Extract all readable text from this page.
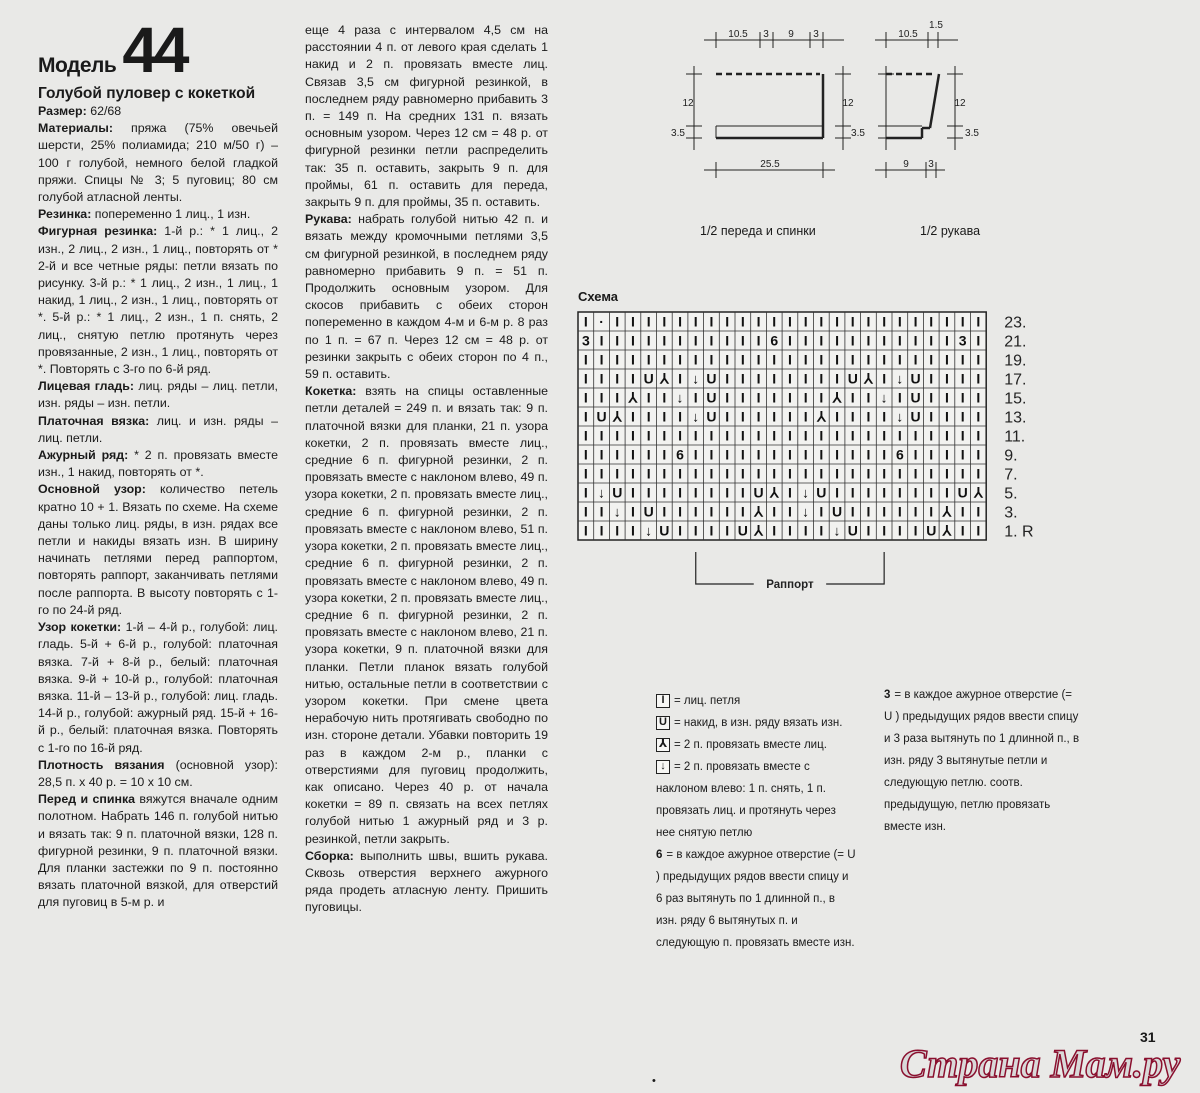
Модель 44
Голубой пуловер с кокеткой
Размер: 62/68
Материалы: пряжа (75% овечьей шерсти, 25% полиамида; 210 м/50 г) – 100 г голубой, немного белой гладкой пряжи. Спицы № 3; 5 пуговиц; 80 см голубой атласной ленты.
Резинка: попеременно 1 лиц., 1 изн.
Фигурная резинка: 1-й р.: * 1 лиц., 2 изн., 2 лиц., 2 изн., 1 лиц., повторять от * 2-й и все четные ряды: петли вязать по рисунку. 3-й р.: * 1 лиц., 2 изн., 1 лиц., 1 накид, 1 лиц., 2 изн., 1 лиц., повторять от *. 5-й р.: * 1 лиц., 2 изн., 1 п. снять, 2 лиц., снятую петлю протянуть через провязанные, 2 изн., 1 лиц., повторять от *. Повторять с 3-го по 6-й ряд.
Лицевая гладь: лиц. ряды – лиц. петли, изн. ряды – изн. петли.
Платочная вязка: лиц. и изн. ряды – лиц. петли.
Ажурный ряд: * 2 п. провязать вместе изн., 1 накид, повторять от *.
Основной узор: количество петель кратно 10 + 1. Вязать по схеме. На схеме даны только лиц. ряды, в изн. рядах все петли и накиды вязать изн. В ширину начинать петлями перед раппортом, повторять раппорт, заканчивать петлями после раппорта. В высоту повторять с 1-го по 24-й ряд.
Узор кокетки: 1-й – 4-й р., голубой: лиц. гладь. 5-й + 6-й р., голубой: платочная вязка. 7-й + 8-й р., белый: платочная вязка. 9-й + 10-й р., голубой: платочная вязка. 11-й – 13-й р., голубой: лиц. гладь. 14-й р., голубой: ажурный ряд. 15-й + 16-й р., белый: платочная вязка. Повторять с 1-го по 16-й ряд.
Плотность вязания (основной узор): 28,5 п. х 40 р. = 10 х 10 см.
Перед и спинка вяжутся вначале одним полотном. Набрать 146 п. голубой нитью и вязать так: 9 п. платочной вязки, 128 п. фигурной резинки, 9 п. платочной вязки. Для планки застежки по 9 п. постоянно вязать платочной вязкой, для отверстий для пуговиц в 5-м р. и
еще 4 раза с интервалом 4,5 см на расстоянии 4 п. от левого края сделать 1 накид и 2 п. провязать вместе лиц. Связав 3,5 см фигурной резинкой, в последнем ряду равномерно прибавить 3 п. = 149 п. На средних 131 п. вязать основным узором. Через 12 см = 48 р. от фигурной резинки петли распределить так: 35 п. оставить, закрыть 9 п. для проймы, 61 п. оставить для переда, закрыть 9 п. для проймы, 35 п. оставить.
Рукава: набрать голубой нитью 42 п. и вязать между кромочными петлями 3,5 см фигурной резинкой, в последнем ряду равномерно прибавить 9 п. = 51 п. Продолжить основным узором. Для скосов прибавить с обеих сторон попеременно в каждом 4-м и 6-м р. 8 раз по 1 п. = 67 п. Через 12 см = 48 р. от резинки закрыть с обеих сторон по 4 п., 59 п. оставить.
Кокетка: взять на спицы оставленные петли деталей = 249 п. и вязать так: 9 п. платочной вязки для планки, 21 п. узора кокетки, 2 п. провязать вместе лиц., средние 6 п. фигурной резинки, 2 п. провязать вместе с наклоном влево, 49 п. узора кокетки, 2 п. провязать вместе лиц., средние 6 п. фигурной резинки, 2 п. провязать вместе с наклоном влево, 51 п. узора кокетки, 2 п. провязать вместе лиц., средние 6 п. фигурной резинки, 2 п. провязать вместе с наклоном влево, 49 п. узора кокетки, 2 п. провязать вместе лиц., средние 6 п. фигурной резинки, 2 п. провязать вместе с наклоном влево, 21 п. узора кокетки, 9 п. платочной вязки для планки. Петли планок вязать голубой нитью, остальные петли в соответствии с узором кокетки. При смене цвета нерабочую нить протягивать свободно по изн. стороне детали. Убавки повторить 19 раз в каждом 2-м р., планки с отверстиями для пуговиц продолжить, как описано. Через 40 р. от начала кокетки = 89 п. связать на всех петлях голубой нитью 1 ажурный ряд и 3 р. резинкой, петли закрыть.
Сборка: выполнить швы, вшить рукава. Сквозь отверстия верхнего ажурного ряда продеть атласную ленту. Пришить пуговицы.
10.5 3 9 3
12
3.5
12
3.5
25.5
10.5
1.5
12
3.5
9 3
1/2 переда и спинки	1/2 рукава
Схема
I · I I I I I I I I I I I I I I I I I I I I I I I I
3 I I I I I I I I I I I 6 I I I I I I I I I I I 3 I
I I I I I I I I I I I I I I I I I I I I I I I I I I
I I I I U ⅄ I ↓ U I I I I I I I I U ⅄ I ↓ U I I I I
I I I ⅄ I I ↓ I U I I I I I I I ⅄ I I ↓ I U I I I I
I U ⅄ I I I I ↓ U I I I I I I ⅄ I I I I ↓ U I I I I
I I I I I I I I I I I I I I I I I I I I I I I I I I
I I I I I I 6 I I I I I I I I I I I I I 6 I I I I I
I I I I I I I I I I I I I I I I I I I I I I I I I I
I ↓ U I I I I I I I I U ⅄ I ↓ U I I I I I I I I U ⅄
I I ↓ I U I I I I I I ⅄ I I ↓ I U I I I I I I ⅄ I I
I I I I ↓ U I I I I U ⅄ I I I I ↓ U I I I I U ⅄ I I
23.
21.
19.
17.
15.
13.
11.
9.
7.
5.
3.
1. R
Раппорт
I = лиц. петля
U = накид, в изн. ряду вязать изн.
⅄ = 2 п. провязать вместе лиц.
↓ = 2 п. провязать вместе с наклоном влево: 1 п. снять, 1 п. провязать лиц. и протянуть через нее снятую петлю
6 = в каждое ажурное отверстие (= U ) предыдущих рядов ввести спицу и 6 раз вытянуть по 1 длинной п., в изн. ряду 6 вытянутых п. и следующую п. провязать вместе изн.
3 = в каждое ажурное отверстие (= U ) предыдущих рядов ввести спицу и 3 раза вытянуть по 1 длинной п., в изн. ряду 3 вытянутые петли и следующую петлю. соотв. предыдущую, петлю провязать вместе изн.
31
Страна Мам.ру
•
